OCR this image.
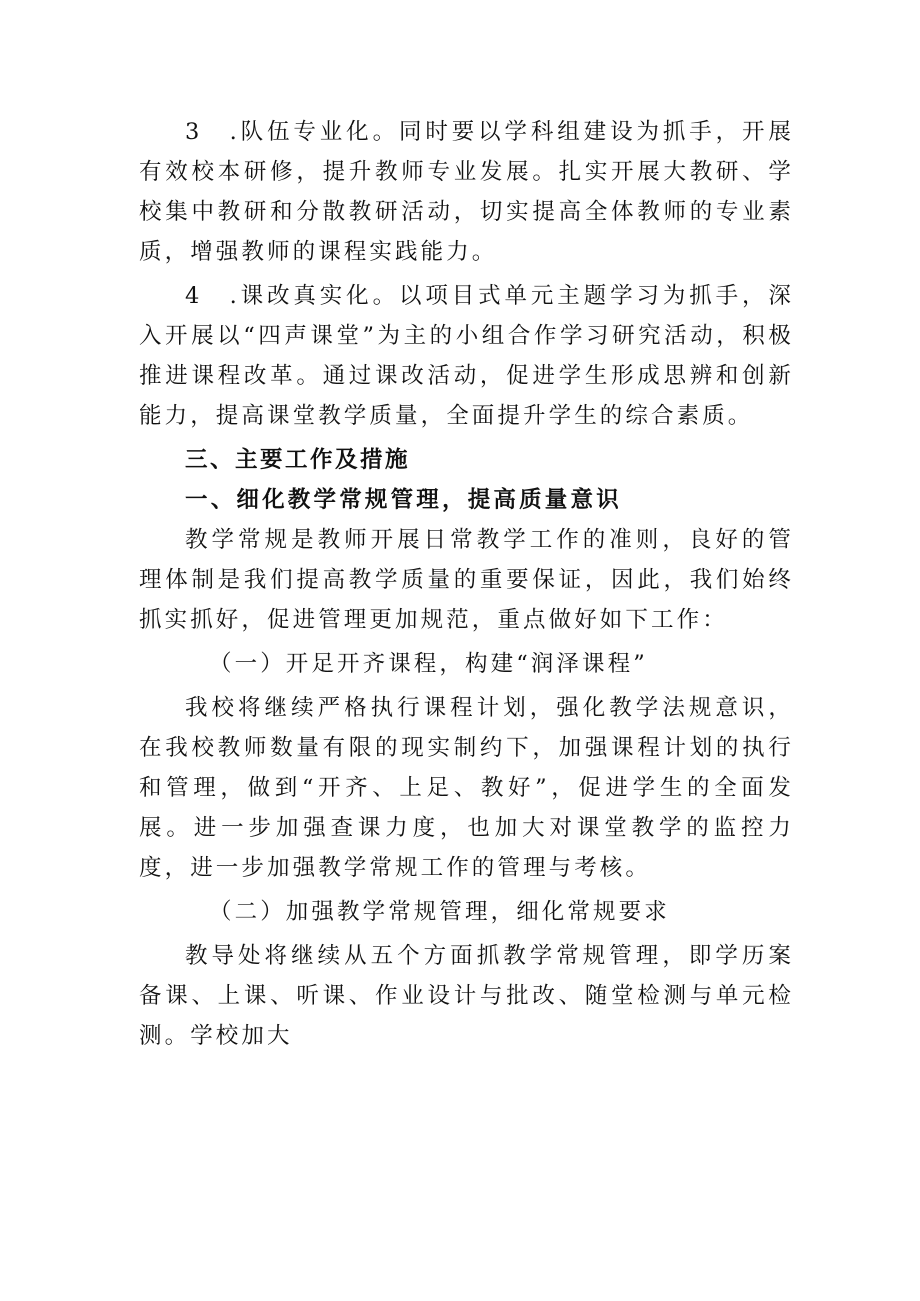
3　.队伍专业化。同时要以学科组建设为抓手，开展有效校本研修，提升教师专业发展。扎实开展大教研、学校集中教研和分散教研活动，切实提高全体教师的专业素质，增强教师的课程实践能力。

4　.课改真实化。以项目式单元主题学习为抓手，深入开展以“四声课堂”为主的小组合作学习研究活动，积极推进课程改革。通过课改活动，促进学生形成思辨和创新能力，提高课堂教学质量，全面提升学生的综合素质。

三、主要工作及措施

一、细化教学常规管理，提高质量意识

教学常规是教师开展日常教学工作的准则，良好的管理体制是我们提高教学质量的重要保证，因此，我们始终抓实抓好，促进管理更加规范，重点做好如下工作：

（一）开足开齐课程，构建“润泽课程”

我校将继续严格执行课程计划，强化教学法规意识，在我校教师数量有限的现实制约下，加强课程计划的执行和管理，做到“开齐、上足、教好”，促进学生的全面发展。进一步加强查课力度，也加大对课堂教学的监控力度，进一步加强教学常规工作的管理与考核。

（二）加强教学常规管理，细化常规要求

教导处将继续从五个方面抓教学常规管理，即学历案备课、上课、听课、作业设计与批改、随堂检测与单元检测。学校加大
